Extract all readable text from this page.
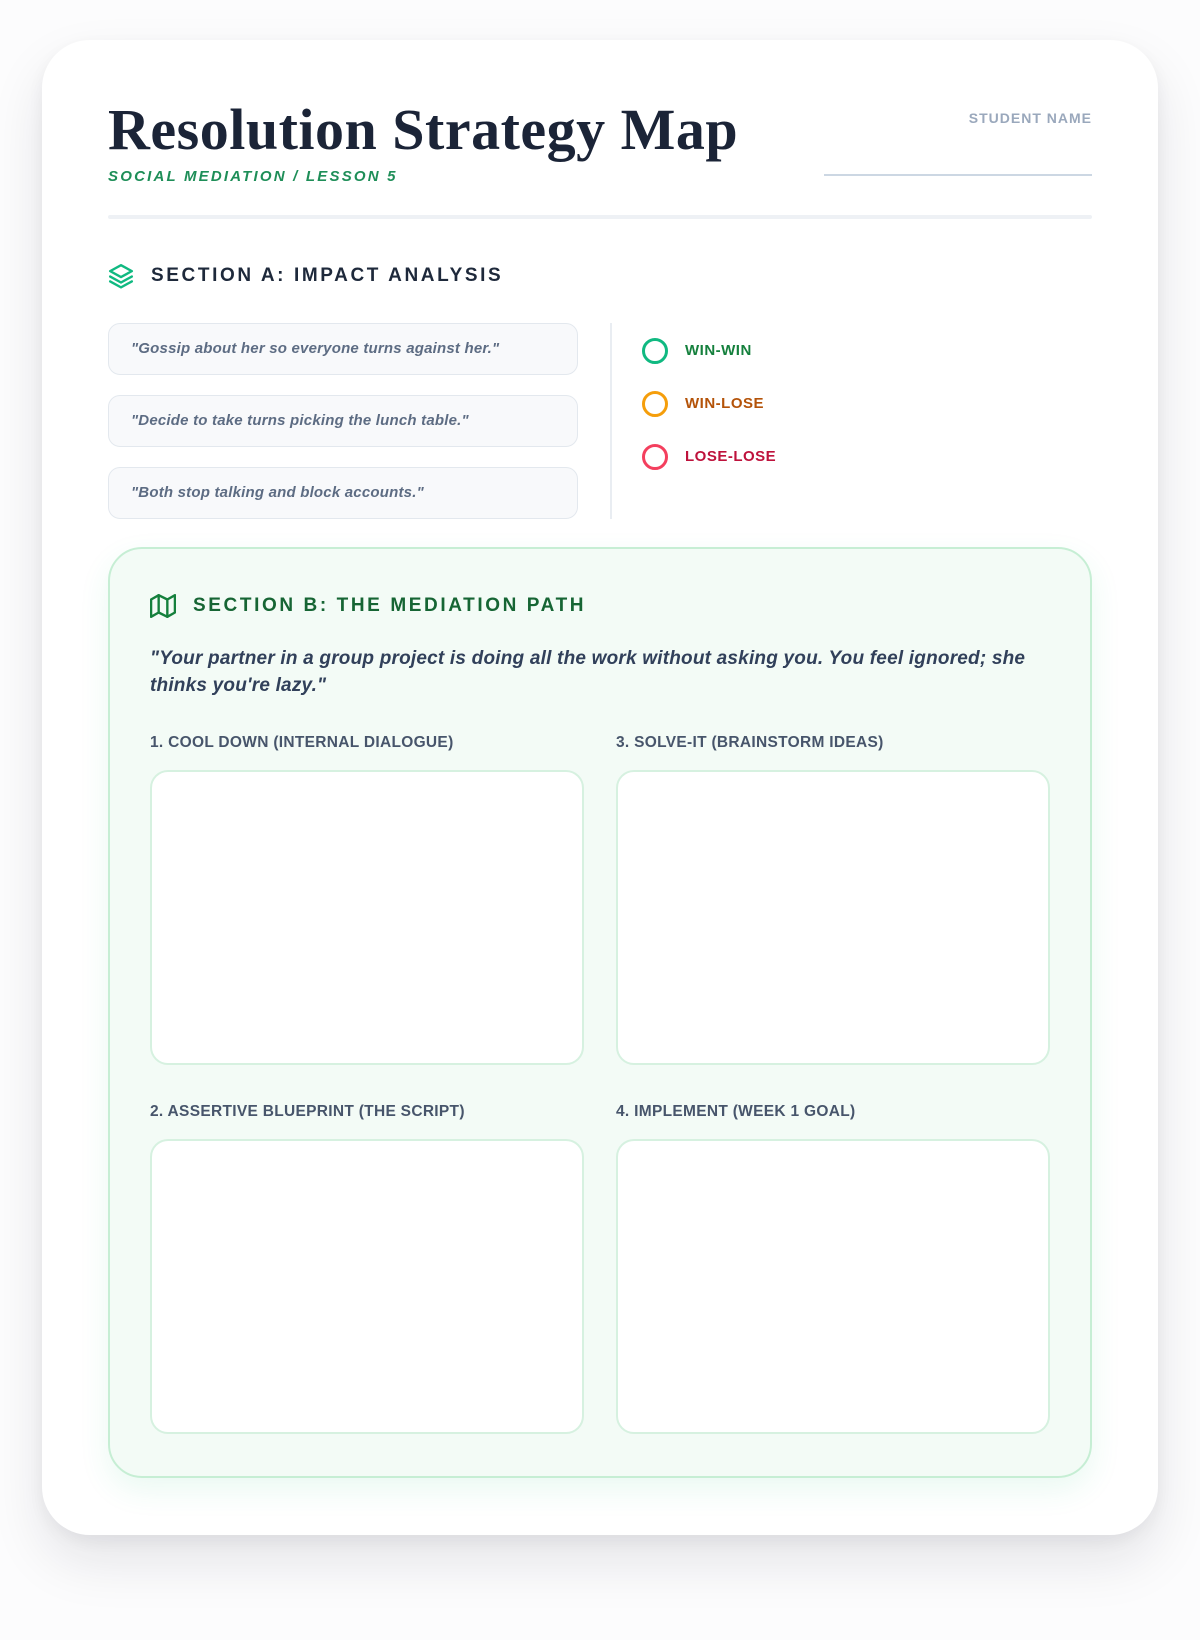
Resolution Strategy Map
SOCIAL MEDIATION / LESSON 5
STUDENT NAME
SECTION A: IMPACT ANALYSIS
"Gossip about her so everyone turns against her."
"Decide to take turns picking the lunch table."
"Both stop talking and block accounts."
WIN-WIN
WIN-LOSE
LOSE-LOSE
SECTION B: THE MEDIATION PATH

"Your partner in a group project is doing all the work without asking you. You feel ignored; she thinks you're lazy."

1. COOL DOWN (INTERNAL DIALOGUE)	3. SOLVE-IT (BRAINSTORM IDEAS)
2. ASSERTIVE BLUEPRINT (THE SCRIPT)	4. IMPLEMENT (WEEK 1 GOAL)
